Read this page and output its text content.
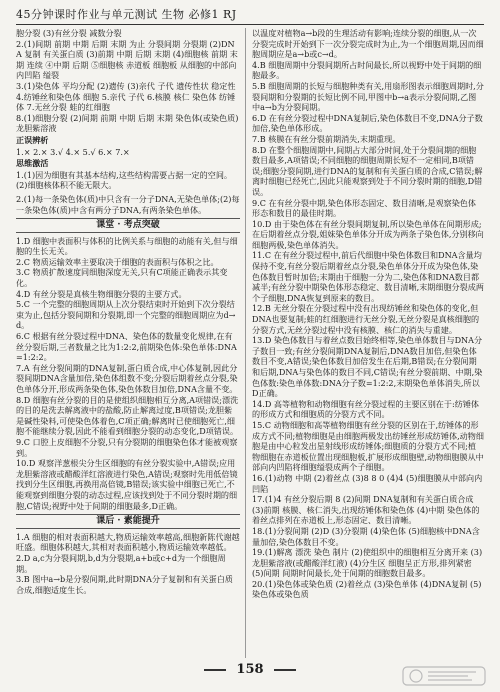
45分钟课时作业与单元测试 生物 必修1 RJ

胞分裂 (3)有丝分裂 减数分裂

2.(1)间期 前期 中期 后期 末期 为止 分裂间期 分裂期 (2)DNA 复制 有关蛋白质 (3)前期 中期 后期 末期 (4)细胞核 前期 末期 连续 ④中期 后期 ⑤细胞核 赤道板 细胞板 从细胞的中部向内凹陷 缢裂

3.(1)染色体 平均分配 (2)遗传 (3)亲代 子代 遗传性状 稳定性

4.纺锤丝和染色体 细胞 5.亲代 子代 6.核膜 核仁 染色体 纺锤体 7.无丝分裂 蛙的红细胞

8.(1)细胞分裂 (2)间期 前期 中期 后期 末期 染色体(或染色质) 龙胆紫溶液

正误辨析

1.× 2.× 3.√ 4.× 5.√ 6.× 7.×

思维激活

1.(1)因为细胞有其基本结构,这些结构需要占据一定的空间。(2)细胞核体积不能无限大。

2.(1)每一条染色体(质)中只含有一分子DNA,无染色单体;(2)每一条染色体(质)中含有两分子DNA,有两条染色单体。
课堂 · 考点突破

1.D 细胞中表面积与体积的比例关系与细胞的动能有关,但与细胞的生长无关。

2.C 物质运输效率主要取决于细胞的表面积与体积之比。

3.C 物质扩散速度同细胞深度无关,只有C项能正确表示其变化。

4.D 有丝分裂是真核生物细胞分裂的主要方式。

5.C 一个完整的细胞周期从上次分裂结束时开始到下次分裂结束为止,包括分裂间期和分裂期,即一个完整的细胞周期应为d→d。

6.C 根据有丝分裂过程中DNA、染色体的数量变化规律,在有丝分裂后期,三者数量之比为1:2:2,前期染色体:染色单体:DNA=1:2:2。

7.A 有丝分裂间期的DNA复制,蛋白质合成,中心体复制,因此分裂间期DNA含量加倍,染色体组数不变;分裂后期着丝点分裂,染色单体分开,形成两条染色体,染色体数目加倍,DNA含量不变。

8.D 细胞有丝分裂的目的是使组织细胞相互分离,A项错误;漂洗的目的是洗去解离液中的盐酸,防止解离过度,B项错误;龙胆紫是碱性染料,可使染色体着色,C项正确;解离时已使细胞死亡,细胞不能继续分裂,因此不能看到细胞分裂的动态变化,D项错误。

9.C 口腔上皮细胞不分裂,只有分裂期的细胞染色体才能被观察到。

10.D 观察洋葱根尖分生区细胞的有丝分裂实验中,A错误;应用龙胆紫溶液或醋酸洋红溶液进行染色,A错误;观察时先用低倍镜找到分生区细胞,再换用高倍镜,B错误;该实验中细胞已死亡,不能观察到细胞分裂的动态过程,应该找到处于不同分裂时期的细胞,C错误;视野中处于间期的细胞最多,D正确。

课后 · 素能提升

1.A 细胞的相对表面积越大,物质运输效率越高,细胞新陈代谢越旺盛。细胞体积越大,其相对表面积越小,物质运输效率越低。

2.D a,c为分裂间期,b,d为分裂期,a+b或c+d为一个细胞周期。

3.B 图中a→b是分裂间期,此时期DNA分子复制和有关蛋白质合成,细胞适度生长。

以温度对植物a→b段的生理活动有影响;连续分裂的细胞,从一次分裂完成时开始到下一次分裂完成时为止,为一个细胞周期,因而细胞周期应是a→b或c→d。

4.B 细胞周期中分裂间期所占时间最长,所以视野中处于间期的细胞最多。

5.B 细胞周期的长短与细胞种类有关,用扇形图表示细胞周期时,分裂间期和分裂期的长短比例不同,甲图中b→a表示分裂间期,乙图中a→b为分裂间期。

6.D 在有丝分裂过程中DNA复制后,染色体数目不变,DNA分子数加倍,染色单体形成。

7.B 核膜在有丝分裂前期消失,末期重现。

8.D 在整个细胞周期中,间期占大部分时间,处于分裂间期的细胞数目最多,A项错误;不同细胞的细胞周期长短不一定相同,B项错误;细胞分裂间期,进行DNA的复制和有关蛋白质的合成,C错误;解离时细胞已经死亡,因此只能观察到处于不同分裂时期的细胞,D错误。

9.C 在有丝分裂中期,染色体形态固定、数目清晰,是观察染色体形态和数目的最佳时期。

10.D 由于染色体在有丝分裂间期复制,所以染色单体在间期形成;在后期着丝点分裂,姐妹染色单体分开成为两条子染色体,分别移向细胞两极,染色单体消失。

11.C 在有丝分裂过程中,前后代细胞中染色体数目和DNA含量均保持不变,有丝分裂后期着丝点分裂,染色单体分开成为染色体,染色体数目暂时加倍;末期由于细胞一分为二,染色体和DNA数目都减半;有丝分裂中期染色体形态稳定、数目清晰,末期细胞分裂成两个子细胞,DNA恢复到原来的数目。

12.B 无丝分裂在分裂过程中没有出现纺锤丝和染色体的变化,但DNA也要复制;蛙的红细胞进行无丝分裂,无丝分裂是真核细胞的分裂方式,无丝分裂过程中没有核膜、核仁的消失与重建。

13.D 染色体数目与着丝点数目始终相等,染色单体数目与DNA分子数目一致;有丝分裂间期DNA复制后,DNA数目加倍,但染色体数目不变,A错误;染色体数目加倍发生在后期,B错误;在分裂间期和后期,DNA与染色体的数目不同,C错误;有丝分裂前期、中期,染色体数:染色单体数:DNA分子数=1:2:2,末期染色单体消失,所以D正确。

14.D 高等植物和动物细胞有丝分裂过程的主要区别在于:纺锤体的形成方式和细胞质的分裂方式不同。

15.C 动物细胞和高等植物细胞有丝分裂的区别在于,纺锤体的形成方式不同;植物细胞是由细胞两极发出纺锤丝形成纺锤体,动物细胞是由中心粒发出星射线形成纺锤体;细胞质的分裂方式不同;植物细胞在赤道板位置出现细胞板,扩展形成细胞壁,动物细胞膜从中部向内凹陷将细胞缢裂成两个子细胞。

16.(1)动物 中期 (2)着丝点 (3)8 8 0 (4)4 (5)细胞膜从中部向内凹陷

17.(1)4 有丝分裂后期 8 (2)间期 DNA复制和有关蛋白质合成 (3)前期 核膜、核仁消失,出现纺锤体和染色体 (4)中期 染色体的着丝点排列在赤道板上,形态固定、数目清晰。

18.(1)分裂间期 (2)D (3)分裂期 (4)染色体 (5)细胞核中DNA含量加倍,染色体数目不变。

19.(1)解离 漂洗 染色 制片 (2)使组织中的细胞相互分离开来 (3)龙胆紫溶液(或醋酸洋红液) (4)分生区 细胞呈正方形,排列紧密 (5)间期 间期时间最长,处于间期的细胞数目最多。

20.(1)染色体或染色质 (2)着丝点 (3)染色单体 (4)DNA复制 (5)染色体或染色质

158
